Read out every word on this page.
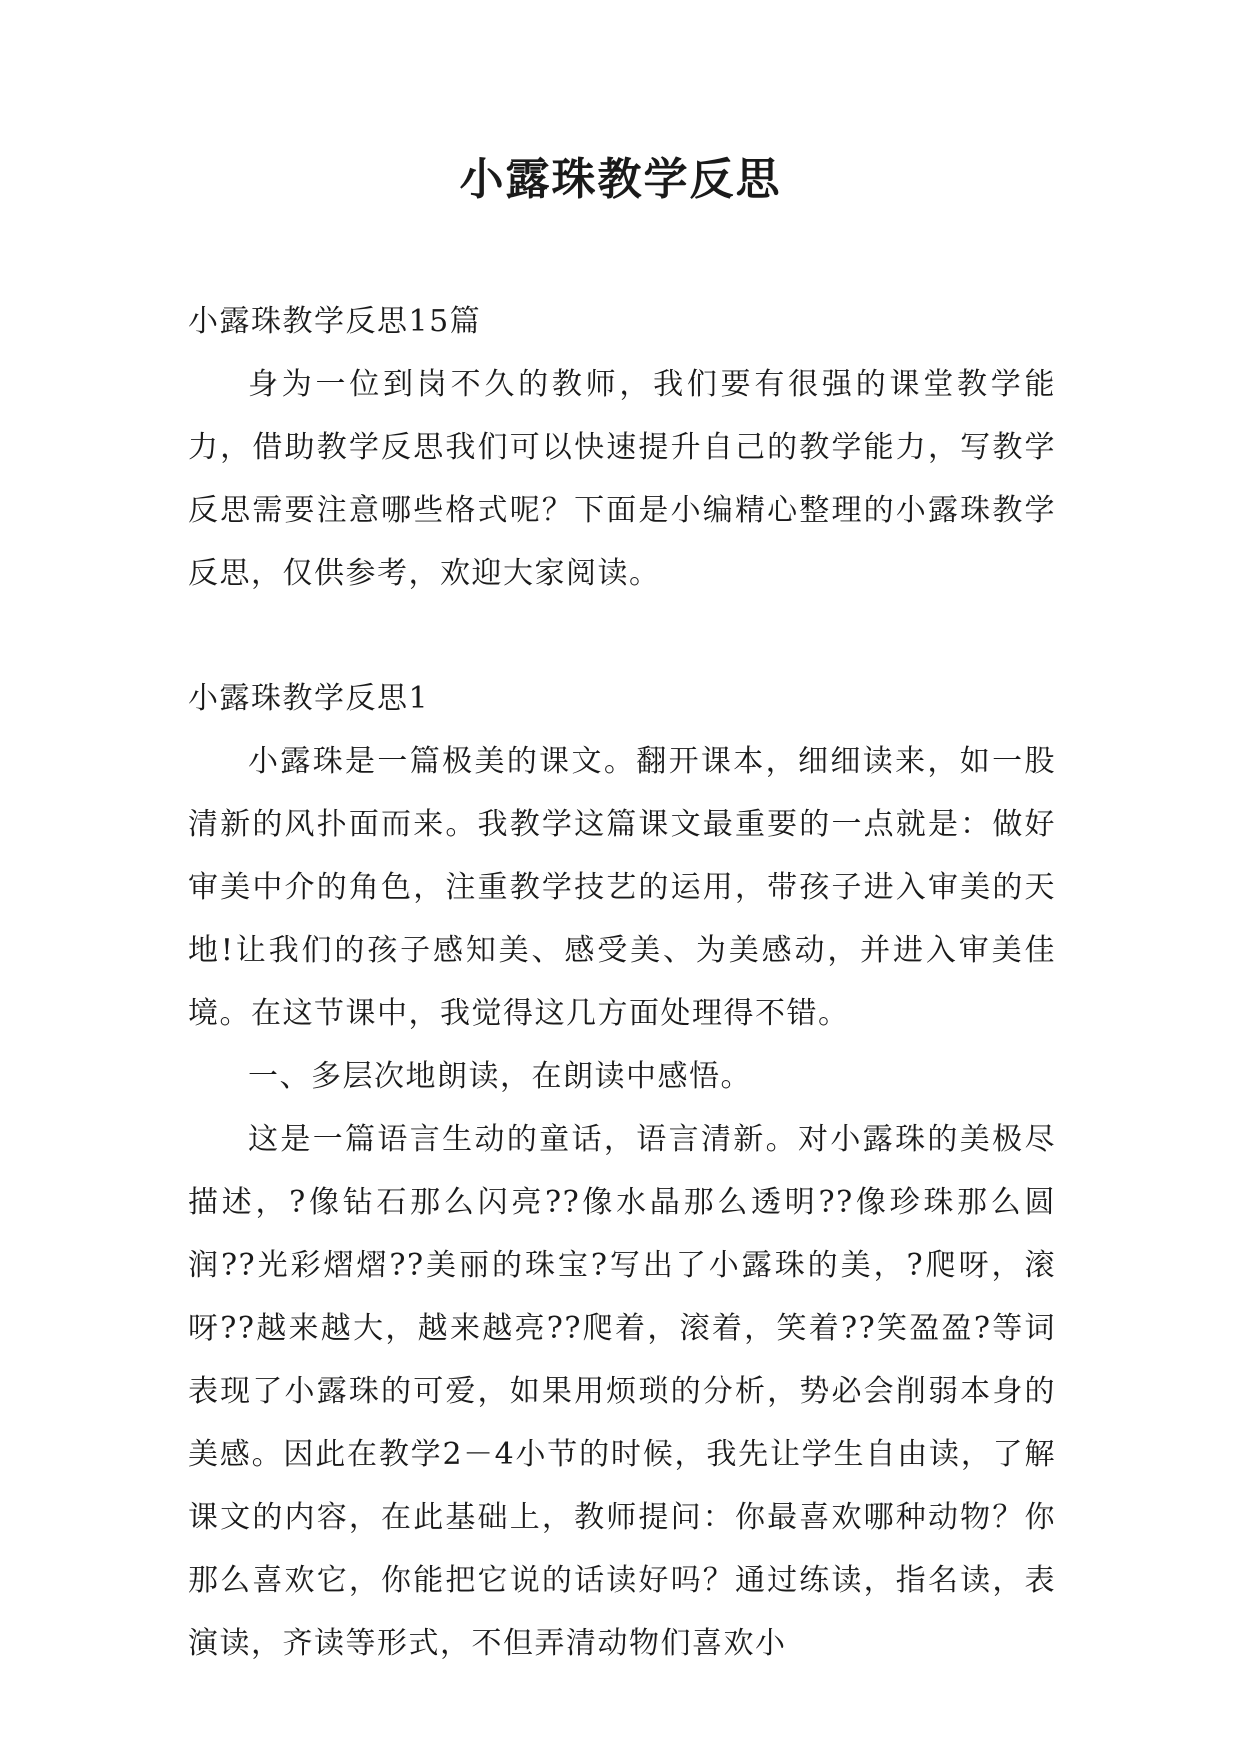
小露珠教学反思

小露珠教学反思15篇

身为一位到岗不久的教师，我们要有很强的课堂教学能力，借助教学反思我们可以快速提升自己的教学能力，写教学反思需要注意哪些格式呢？下面是小编精心整理的小露珠教学反思，仅供参考，欢迎大家阅读。

小露珠教学反思1

小露珠是一篇极美的课文。翻开课本，细细读来，如一股清新的风扑面而来。我教学这篇课文最重要的一点就是：做好审美中介的角色，注重教学技艺的运用，带孩子进入审美的天地!让我们的孩子感知美、感受美、为美感动，并进入审美佳境。在这节课中，我觉得这几方面处理得不错。

一、多层次地朗读，在朗读中感悟。

这是一篇语言生动的童话，语言清新。对小露珠的美极尽描述，?像钻石那么闪亮??像水晶那么透明??像珍珠那么圆润??光彩熠熠??美丽的珠宝?写出了小露珠的美，?爬呀，滚呀??越来越大，越来越亮??爬着，滚着，笑着??笑盈盈?等词表现了小露珠的可爱，如果用烦琐的分析，势必会削弱本身的美感。因此在教学2－4小节的时候，我先让学生自由读，了解课文的内容，在此基础上，教师提问：你最喜欢哪种动物？你那么喜欢它，你能把它说的话读好吗？通过练读，指名读，表演读，齐读等形式，不但弄清动物们喜欢小
